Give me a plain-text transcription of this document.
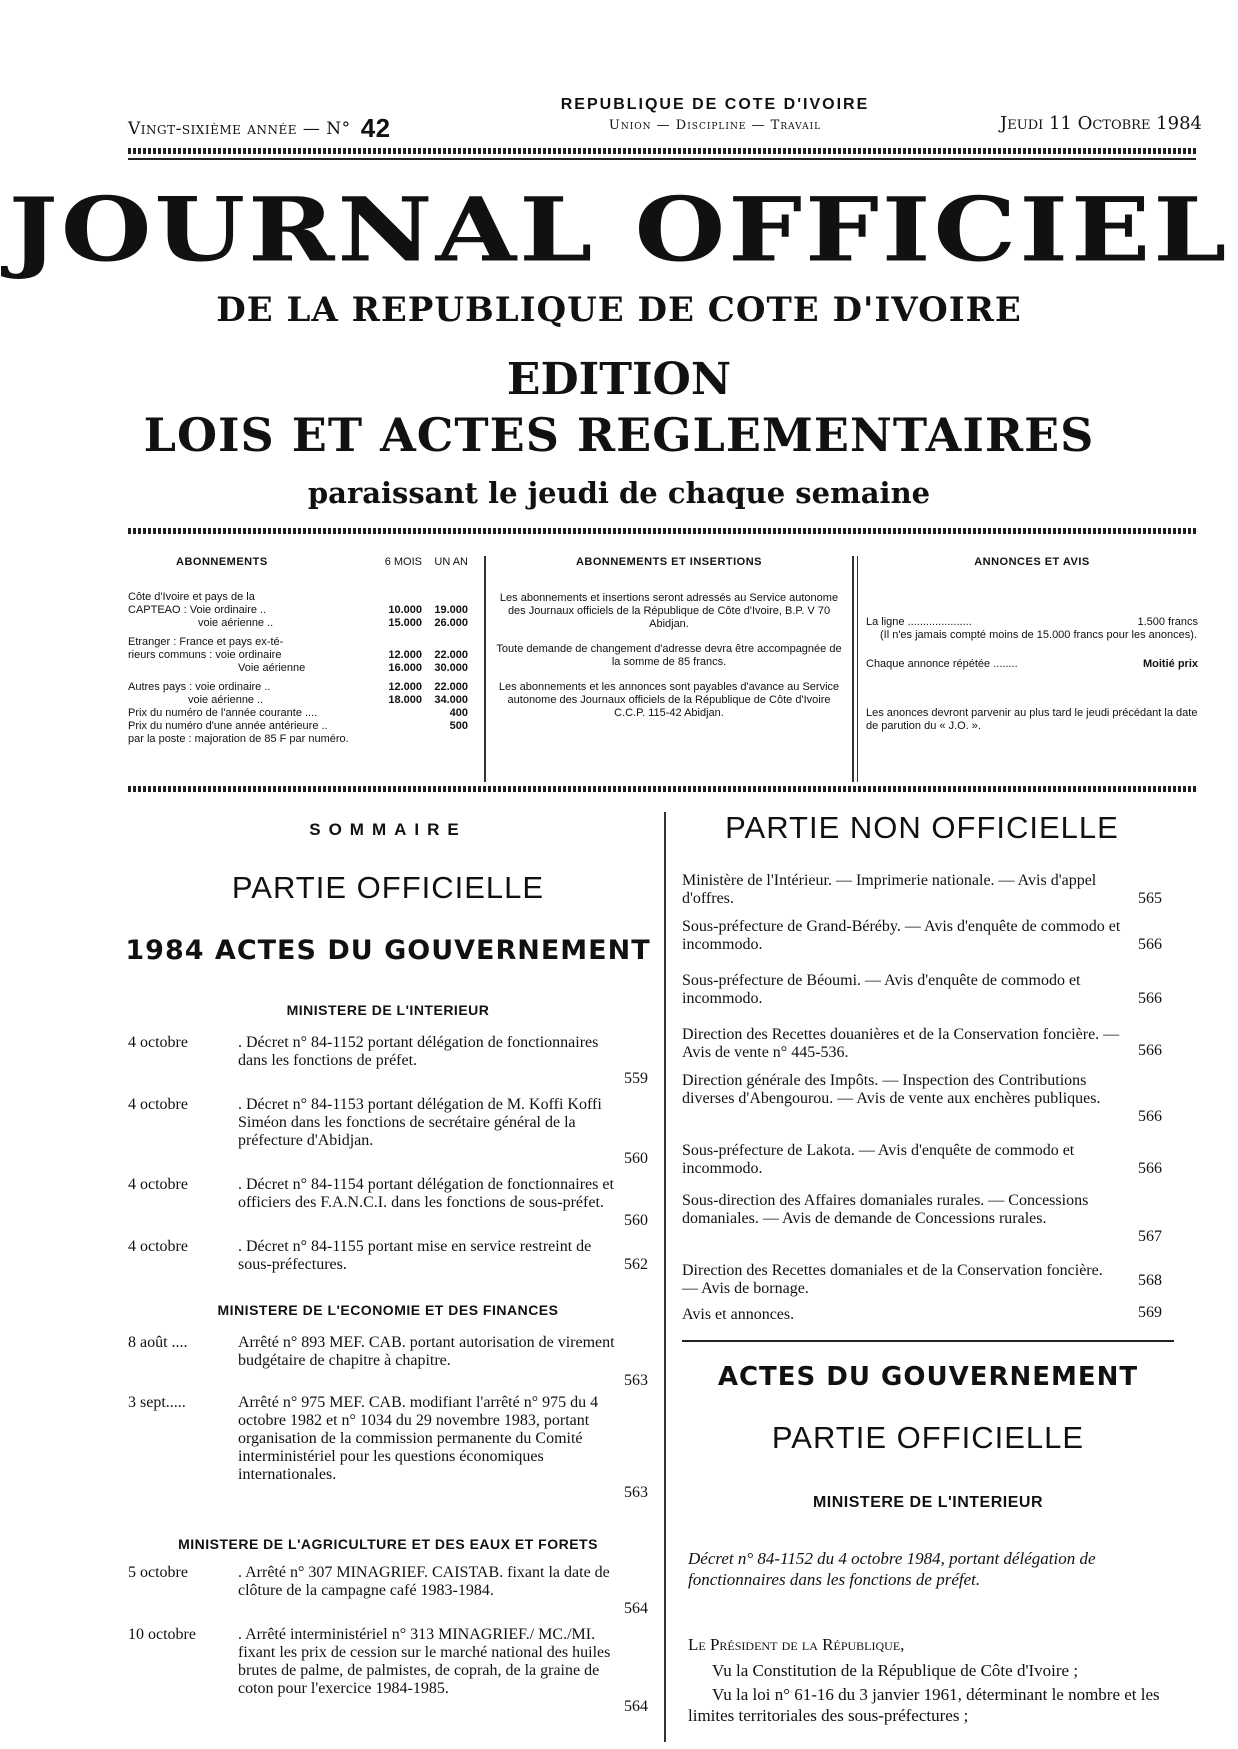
Vingt-sixième année — N° 42
REPUBLIQUE DE COTE D'IVOIRE
Union — Discipline — Travail	Jeudi 11 Octobre 1984
JOURNAL OFFICIEL
DE LA REPUBLIQUE DE COTE D'IVOIRE
EDITION
LOIS ET ACTES REGLEMENTAIRES
paraissant le jeudi de chaque semaine
ABONNEMENTS	6 MOIS	UN AN
Côte d'Ivoire et pays de la
CAPTEAO : Voie ordinaire ..	10.000	19.000
voie aérienne ..	15.000	26.000
Etranger : France et pays ex-té-
rieurs communs : voie ordinaire	12.000	22.000
Voie aérienne	16.000	30.000
Autres pays : voie ordinaire ..	12.000	22.000
voie aérienne ..	18.000	34.000
Prix du numéro de l'année courante ....	400
Prix du numéro d'une année antérieure ..	500
par la poste : majoration de 85 F par numéro.
ABONNEMENTS ET INSERTIONS
Les abonnements et insertions seront adressés au Service autonome des Journaux officiels de la République de Côte d'Ivoire, B.P. V 70 Abidjan.
Toute demande de changement d'adresse devra être accompagnée de la somme de 85 francs.
Les abonnements et les annonces sont payables d'avance au Service autonome des Journaux officiels de la République de Côte d'Ivoire C.C.P. 115-42 Abidjan.
ANNONCES ET AVIS
La ligne .....................	1.500 francs
(Il n'es jamais compté moins de 15.000 francs pour les anonces).
Chaque annonce répétée ........	Moitié prix
Les anonces devront parvenir au plus tard le jeudi précédant la date de parution du « J.O. ».
SOMMAIRE
PARTIE OFFICIELLE
1984 ACTES DU GOUVERNEMENT
MINISTERE DE L'INTERIEUR
4 octobre	. Décret n° 84-1152 portant délégation de fonctionnaires dans les fonctions de préfet.
559
4 octobre	. Décret n° 84-1153 portant délégation de M. Koffi Koffi Siméon dans les fonctions de secrétaire général de la préfecture d'Abidjan.
560
4 octobre	. Décret n° 84-1154 portant délégation de fonctionnaires et officiers des F.A.N.C.I. dans les fonctions de sous-préfet.
560
4 octobre	. Décret n° 84-1155 portant mise en service restreint de sous-préfectures.	562
MINISTERE DE L'ECONOMIE ET DES FINANCES
8 août ....	Arrêté n° 893 MEF. CAB. portant autorisation de virement budgétaire de chapitre à chapitre.
563
3 sept.....	Arrêté n° 975 MEF. CAB. modifiant l'arrêté n° 975 du 4 octobre 1982 et n° 1034 du 29 novembre 1983, portant organisation de la commission permanente du Comité interministériel pour les questions économiques internationales.
563
MINISTERE DE L'AGRICULTURE ET DES EAUX ET FORETS
5 octobre	. Arrêté n° 307 MINAGRIEF. CAISTAB. fixant la date de clôture de la campagne café 1983-1984.
564
10 octobre	. Arrêté interministériel n° 313 MINAGRIEF./ MC./MI. fixant les prix de cession sur le marché national des huiles brutes de palme, de palmistes, de coprah, de la graine de coton pour l'exercice 1984-1985.
564
PARTIE NON OFFICIELLE
Ministère de l'Intérieur. — Imprimerie nationale. — Avis d'appel d'offres.	565
Sous-préfecture de Grand-Béréby. — Avis d'enquête de commodo et incommodo.	566
Sous-préfecture de Béoumi. — Avis d'enquête de commodo et incommodo.	566
Direction des Recettes douanières et de la Conservation foncière. — Avis de vente n° 445-536.	566
Direction générale des Impôts. — Inspection des Contributions diverses d'Abengourou. — Avis de vente aux enchères publiques.
566
Sous-préfecture de Lakota. — Avis d'enquête de commodo et incommodo.	566
Sous-direction des Affaires domaniales rurales. — Concessions domaniales. — Avis de demande de Concessions rurales.
567
Direction des Recettes domaniales et de la Conservation foncière. — Avis de bornage.	568
Avis et annonces.	569
ACTES DU GOUVERNEMENT
PARTIE OFFICIELLE
MINISTERE DE L'INTERIEUR
Décret n° 84-1152 du 4 octobre 1984, portant délégation de fonctionnaires dans les fonctions de préfet.
Le Président de la République,
Vu la Constitution de la République de Côte d'Ivoire ;
Vu la loi n° 61-16 du 3 janvier 1961, déterminant le nombre et les limites territoriales des sous-préfectures ;
